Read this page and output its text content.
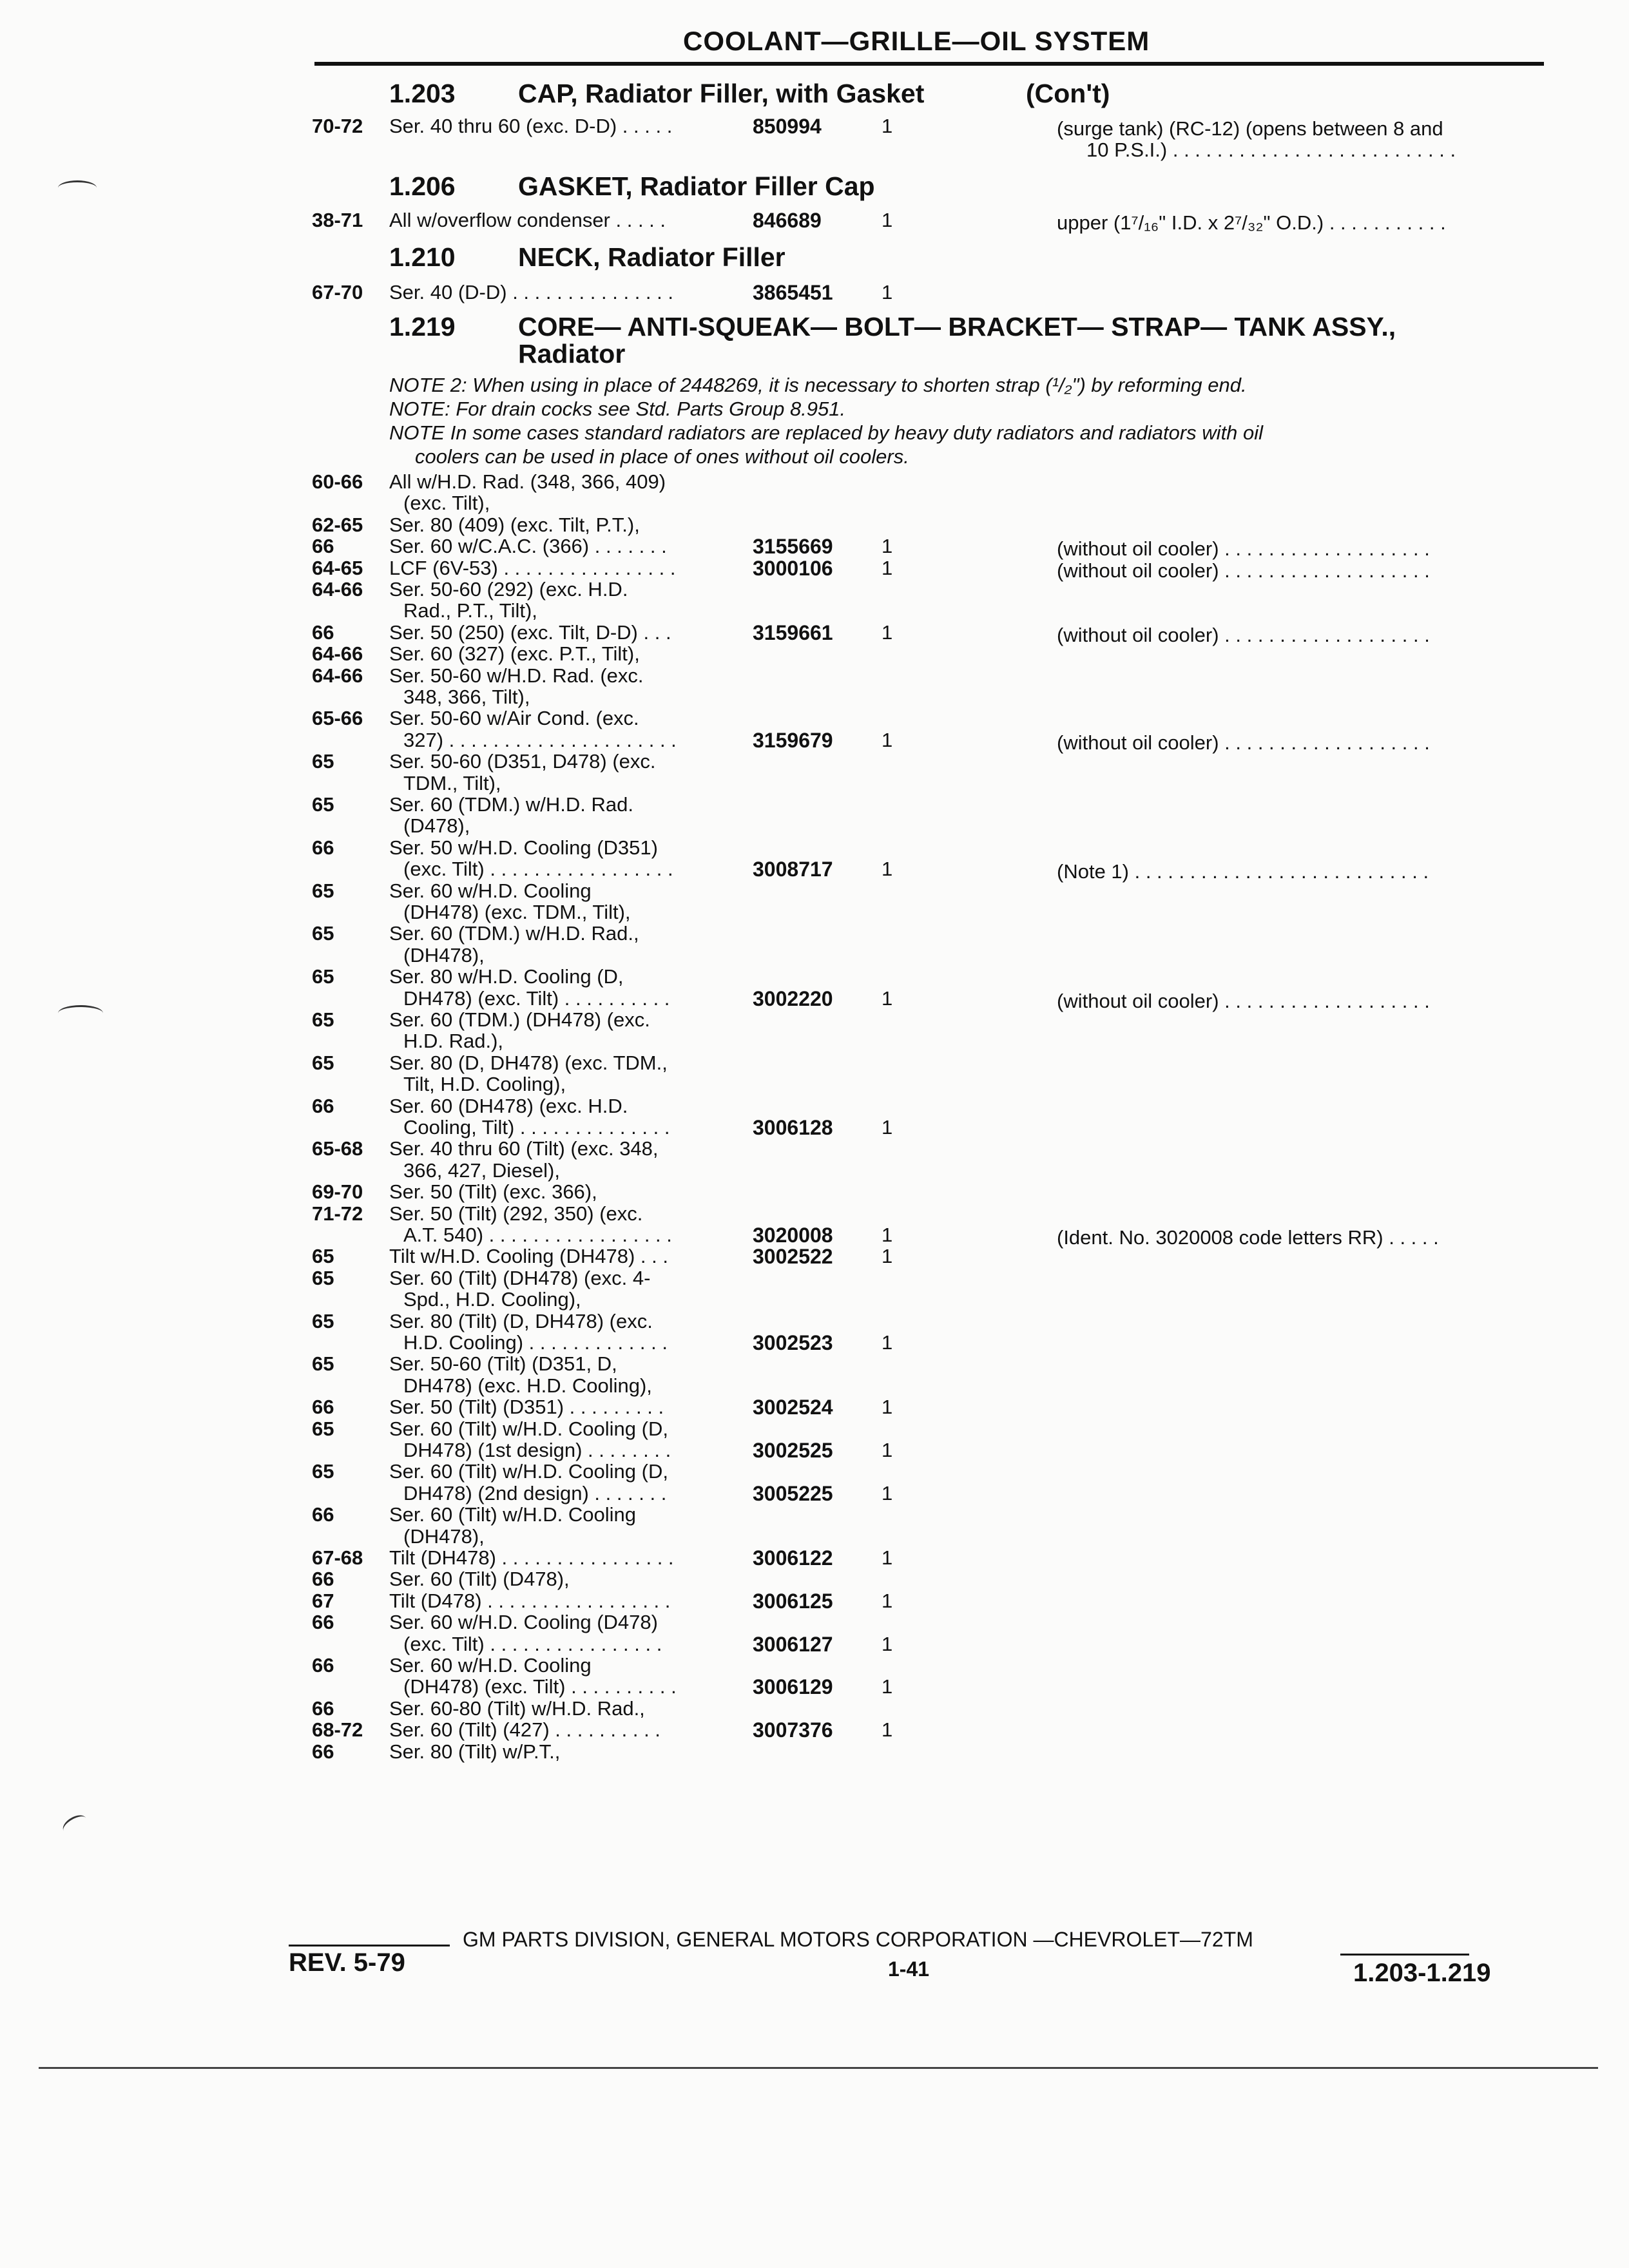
COOLANT—GRILLE—OIL SYSTEM
1.203 CAP, Radiator Filler, with Gasket	(Con't)
70-72	Ser. 40 thru 60 (exc. D-D) . . . . .	850994	1	(surge tank) (RC-12) (opens between 8 and
10 P.S.I.) . . . . . . . . . . . . . . . . . . . . . . . . . .
1.206 GASKET, Radiator Filler Cap
38-71	All w/overflow condenser . . . . .	846689	1	upper (1⁷/₁₆" I.D. x 2⁷/₃₂" O.D.) . . . . . . . . . . .
1.210 NECK, Radiator Filler
67-70	Ser. 40 (D-D) . . . . . . . . . . . . . . .	3865451 1
1.219 CORE— ANTI-SQUEAK— BOLT— BRACKET— STRAP— TANK ASSY.,
Radiator
NOTE 2: When using in place of 2448269, it is necessary to shorten strap (¹/₂") by reforming end.
NOTE: For drain cocks see Std. Parts Group 8.951.
NOTE In some cases standard radiators are replaced by heavy duty radiators and radiators with oil
coolers can be used in place of ones without oil coolers.
60-66	All w/H.D. Rad. (348, 366, 409)
(exc. Tilt),
62-65	Ser. 80 (409) (exc. Tilt, P.T.),
66	Ser. 60 w/C.A.C. (366) . . . . . . .	3155669 1	(without oil cooler) . . . . . . . . . . . . . . . . . . .
64-65	LCF (6V-53) . . . . . . . . . . . . . . . .	3000106 1	(without oil cooler) . . . . . . . . . . . . . . . . . . .
64-66	Ser. 50-60 (292) (exc. H.D.
Rad., P.T., Tilt),
66	Ser. 50 (250) (exc. Tilt, D-D) . . .	3159661 1	(without oil cooler) . . . . . . . . . . . . . . . . . . .
64-66	Ser. 60 (327) (exc. P.T., Tilt),
64-66	Ser. 50-60 w/H.D. Rad. (exc.
348, 366, Tilt),
65-66	Ser. 50-60 w/Air Cond. (exc.
327) . . . . . . . . . . . . . . . . . . . . .	3159679 1	(without oil cooler) . . . . . . . . . . . . . . . . . . .
65	Ser. 50-60 (D351, D478) (exc.
TDM., Tilt),
65	Ser. 60 (TDM.) w/H.D. Rad.
(D478),
66	Ser. 50 w/H.D. Cooling (D351)
(exc. Tilt) . . . . . . . . . . . . . . . . .	3008717 1	(Note 1) . . . . . . . . . . . . . . . . . . . . . . . . . . .
65	Ser. 60 w/H.D. Cooling
(DH478) (exc. TDM., Tilt),
65	Ser. 60 (TDM.) w/H.D. Rad.,
(DH478),
65	Ser. 80 w/H.D. Cooling (D,
DH478) (exc. Tilt) . . . . . . . . . .	3002220 1	(without oil cooler) . . . . . . . . . . . . . . . . . . .
65	Ser. 60 (TDM.) (DH478) (exc.
H.D. Rad.),
65	Ser. 80 (D, DH478) (exc. TDM.,
Tilt, H.D. Cooling),
66	Ser. 60 (DH478) (exc. H.D.
Cooling, Tilt) . . . . . . . . . . . . . .	3006128 1
65-68	Ser. 40 thru 60 (Tilt) (exc. 348,
366, 427, Diesel),
69-70	Ser. 50 (Tilt) (exc. 366),
71-72	Ser. 50 (Tilt) (292, 350) (exc.
A.T. 540) . . . . . . . . . . . . . . . . .	3020008 1	(Ident. No. 3020008 code letters RR) . . . . .
65	Tilt w/H.D. Cooling (DH478) . . .	3002522 1
65	Ser. 60 (Tilt) (DH478) (exc. 4-
Spd., H.D. Cooling),
65	Ser. 80 (Tilt) (D, DH478) (exc.
H.D. Cooling) . . . . . . . . . . . . .	3002523 1
65	Ser. 50-60 (Tilt) (D351, D,
DH478) (exc. H.D. Cooling),
66	Ser. 50 (Tilt) (D351) . . . . . . . . .	3002524 1
65	Ser. 60 (Tilt) w/H.D. Cooling (D,
DH478) (1st design) . . . . . . . .	3002525 1
65	Ser. 60 (Tilt) w/H.D. Cooling (D,
DH478) (2nd design) . . . . . . .	3005225 1
66	Ser. 60 (Tilt) w/H.D. Cooling
(DH478),
67-68	Tilt (DH478) . . . . . . . . . . . . . . . .	3006122 1
66	Ser. 60 (Tilt) (D478),
67	Tilt (D478) . . . . . . . . . . . . . . . . .	3006125 1
66	Ser. 60 w/H.D. Cooling (D478)
(exc. Tilt) . . . . . . . . . . . . . . . .	3006127 1
66	Ser. 60 w/H.D. Cooling
(DH478) (exc. Tilt) . . . . . . . . . .	3006129 1
66	Ser. 60-80 (Tilt) w/H.D. Rad.,
68-72	Ser. 60 (Tilt) (427) . . . . . . . . . .	3007376 1
66	Ser. 80 (Tilt) w/P.T.,
GM PARTS DIVISION, GENERAL MOTORS CORPORATION —CHEVROLET—72TM
REV. 5-79	1-41	1.203-1.219
